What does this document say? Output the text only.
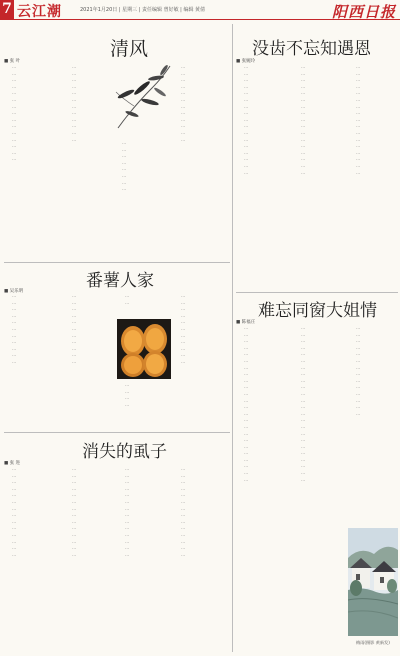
7 云江潮	2021年1月20日 | 星期三 | 责任编辑 曾好敏 | 编辑 黄倩	阳西日报
清风
■ 张 叶

…

…

…

…

…

…

…

…

…

…

…

…

…

…

…

…

…

…

…

…

…

…

…

…

…

…

…

…

…

…

…

…

…

…

…

…

…

…

…

…

…

…

…

…

…

…

…

番薯人家
■ 吴乐明

…

…

…

…

…

…

…

…

…

…

…

…

…

…

…

…

…

…

…

…

…

…

…

…

…

…

…

…

…

…

…

…

…

…

…

…

…

…

…

消失的虱子
■ 张 进

…

…

…

…

…

…

…

…

…

…

…

…

…

…

…

…

…

…

…

…

…

…

…

…

…

…

…

…

…

…

…

…

…

…

…

…

…

…

…

…

…

…

…

…

…

…

…

…

…

…

…

…

…

…

…

…

没齿不忘知遇恩
■ 张婉玲

…

…

…

…

…

…

…

…

…

…

…

…

…

…

…

…

…

…

…

…

…

…

…

…

…

…

…

…

…

…

…

…

…

…

…

…

…

…

…

…

…

…

…

…

…

…

…

…

…

…

…

难忘同窗大姐情
■ 陈福庄

…

…

…

…

…

…

…

…

…

…

…

…

…

…

…

…

…

…

…

…

…

…

…

…

…

…

…

…

…

…

…

…

…

…

…

…

…

…

…

…

…

…

…

…

…

…

…

…

…

…

…

…

…

…

…

…

…

…

…

…

…

…

梅雨(摄影 黄新发)
